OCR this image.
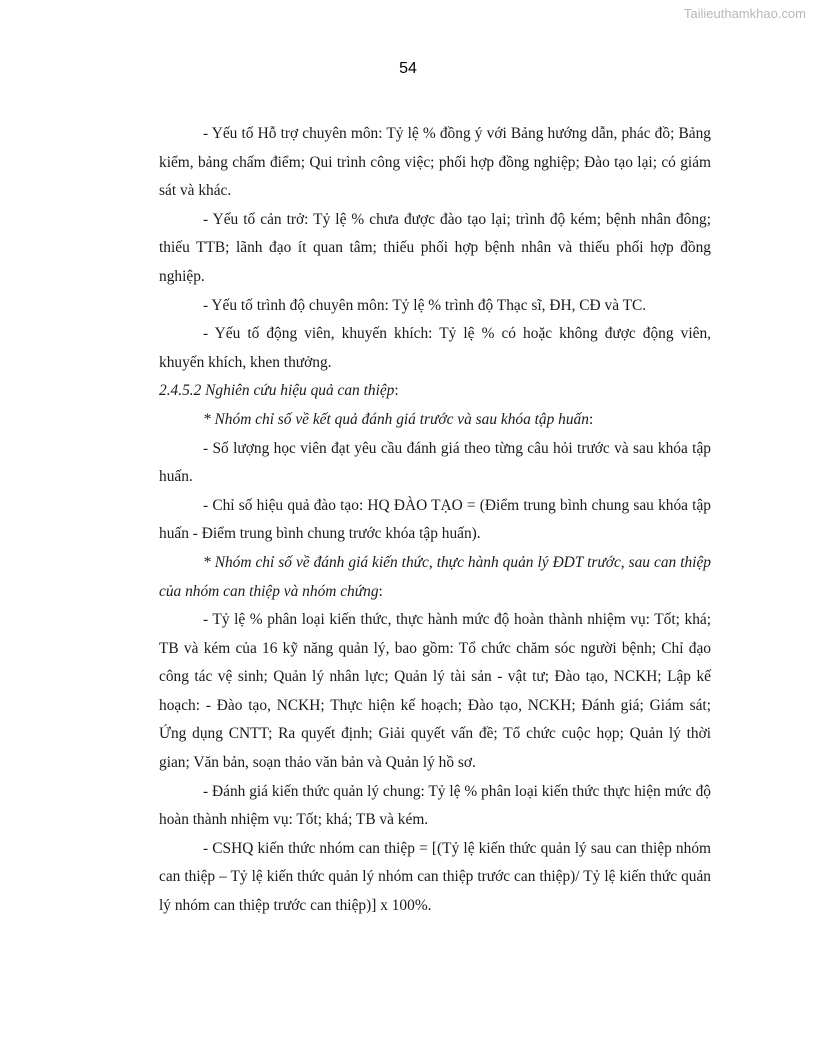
Tailieuthamkhao.com
54

- Yếu tố Hỗ trợ chuyên môn: Tỷ lệ % đồng ý với Bảng hướng dẫn, phác đồ; Bảng kiểm, bảng chấm điểm; Qui trình công việc; phối hợp đồng nghiệp; Đào tạo lại; có giám sát và khác.

- Yếu tố cản trở: Tỷ lệ % chưa được đào tạo lại; trình độ kém; bệnh nhân đông; thiếu TTB; lãnh đạo ít quan tâm; thiếu phối hợp bệnh nhân và thiếu phối hợp đồng nghiệp.

- Yếu tố trình độ chuyên môn: Tỷ lệ % trình độ Thạc sĩ, ĐH, CĐ và TC.

- Yếu tố động viên, khuyến khích: Tỷ lệ % có hoặc không được động viên, khuyến khích, khen thưởng.

2.4.5.2 Nghiên cứu hiệu quả can thiệp:

* Nhóm chỉ số về kết quả đánh giá trước và sau khóa tập huấn:

- Số lượng học viên đạt yêu cầu đánh giá theo từng câu hỏi trước và sau khóa tập huấn.

- Chỉ số hiệu quả đào tạo: HQ ĐÀO TẠO = (Điểm trung bình chung sau khóa tập huấn - Điểm trung bình chung trước khóa tập huấn).

* Nhóm chỉ số về đánh giá kiến thức, thực hành quản lý ĐDT trước, sau can thiệp của nhóm can thiệp và nhóm chứng:

- Tỷ lệ % phân loại kiến thức, thực hành mức độ hoàn thành nhiệm vụ: Tốt; khá; TB và kém của 16 kỹ năng quản lý, bao gồm: Tổ chức chăm sóc người bệnh; Chỉ đạo công tác vệ sinh; Quản lý nhân lực; Quản lý tài sản - vật tư; Đào tạo, NCKH; Lập kế hoạch: - Đào tạo, NCKH; Thực hiện kế hoạch; Đào tạo, NCKH; Đánh giá; Giám sát; Ứng dụng CNTT; Ra quyết định; Giải quyết vấn đề; Tổ chức cuộc họp; Quản lý thời gian; Văn bản, soạn thảo văn bản và Quản lý hồ sơ.

- Đánh giá kiến thức quản lý chung: Tỷ lệ % phân loại kiến thức thực hiện mức độ hoàn thành nhiệm vụ: Tốt; khá; TB và kém.

- CSHQ kiến thức nhóm can thiệp = [(Tỷ lệ kiến thức quản lý sau can thiệp nhóm can thiệp – Tỷ lệ kiến thức quản lý nhóm can thiệp trước can thiệp)/ Tỷ lệ kiến thức quản lý nhóm can thiệp trước can thiệp)] x 100%.
